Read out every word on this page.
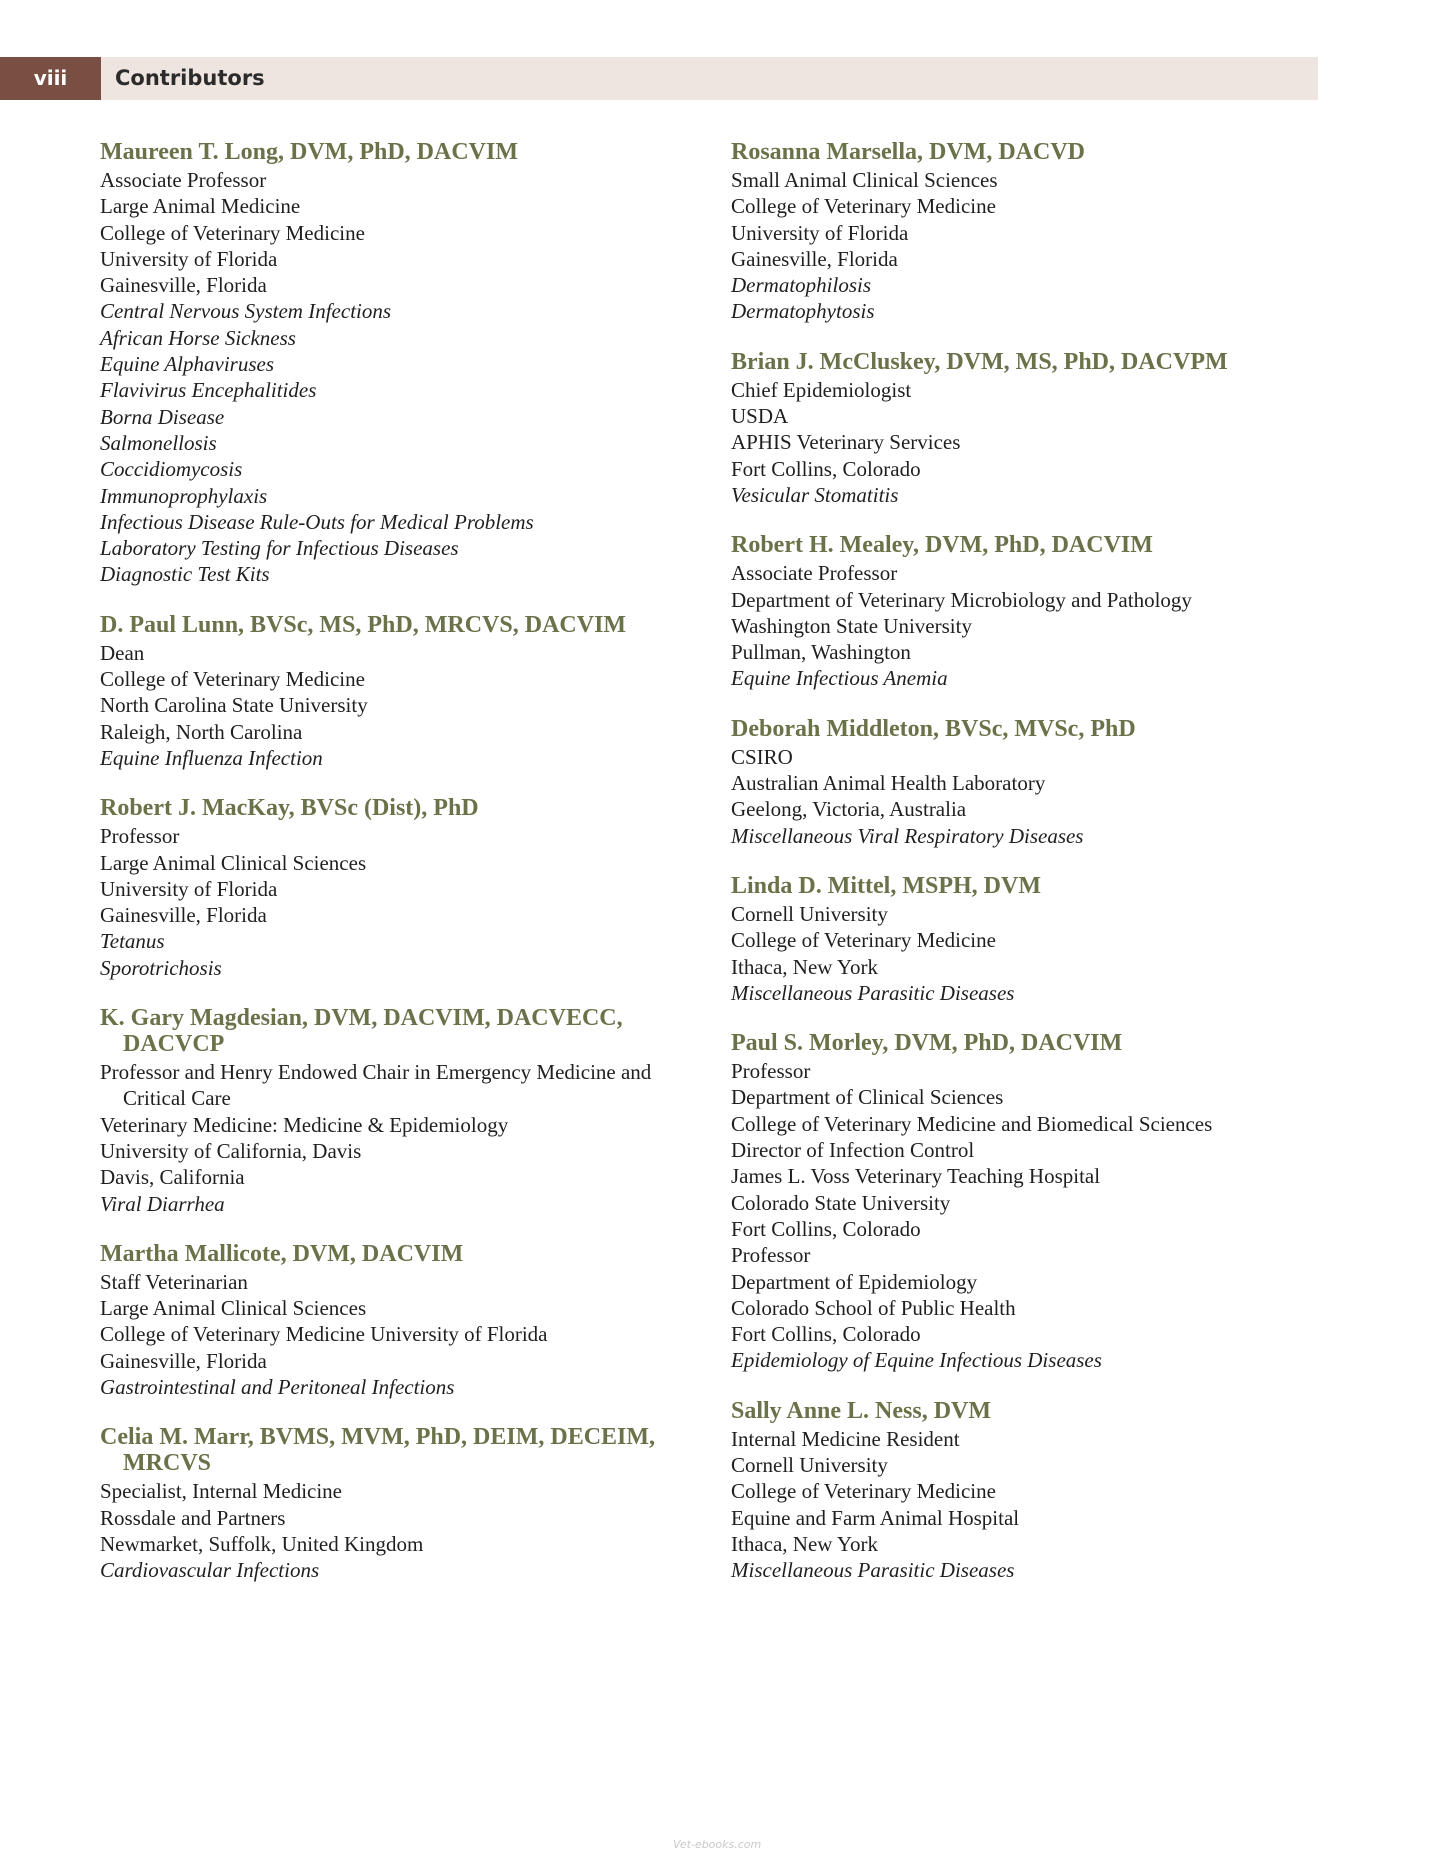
viii	Contributors
Maureen T. Long, DVM, PhD, DACVIM
Associate Professor
Large Animal Medicine
College of Veterinary Medicine
University of Florida
Gainesville, Florida
Central Nervous System Infections
African Horse Sickness
Equine Alphaviruses
Flavivirus Encephalitides
Borna Disease
Salmonellosis
Coccidiomycosis
Immunoprophylaxis
Infectious Disease Rule-Outs for Medical Problems
Laboratory Testing for Infectious Diseases
Diagnostic Test Kits
D. Paul Lunn, BVSc, MS, PhD, MRCVS, DACVIM
Dean
College of Veterinary Medicine
North Carolina State University
Raleigh, North Carolina
Equine Influenza Infection
Robert J. MacKay, BVSc (Dist), PhD
Professor
Large Animal Clinical Sciences
University of Florida
Gainesville, Florida
Tetanus
Sporotrichosis
K. Gary Magdesian, DVM, DACVIM, DACVECC, DACVCP
Professor and Henry Endowed Chair in Emergency Medicine and Critical Care
Veterinary Medicine: Medicine & Epidemiology
University of California, Davis
Davis, California
Viral Diarrhea
Martha Mallicote, DVM, DACVIM
Staff Veterinarian
Large Animal Clinical Sciences
College of Veterinary Medicine University of Florida
Gainesville, Florida
Gastrointestinal and Peritoneal Infections
Celia M. Marr, BVMS, MVM, PhD, DEIM, DECEIM, MRCVS
Specialist, Internal Medicine
Rossdale and Partners
Newmarket, Suffolk, United Kingdom
Cardiovascular Infections
Rosanna Marsella, DVM, DACVD
Small Animal Clinical Sciences
College of Veterinary Medicine
University of Florida
Gainesville, Florida
Dermatophilosis
Dermatophytosis
Brian J. McCluskey, DVM, MS, PhD, DACVPM
Chief Epidemiologist
USDA
APHIS Veterinary Services
Fort Collins, Colorado
Vesicular Stomatitis
Robert H. Mealey, DVM, PhD, DACVIM
Associate Professor
Department of Veterinary Microbiology and Pathology
Washington State University
Pullman, Washington
Equine Infectious Anemia
Deborah Middleton, BVSc, MVSc, PhD
CSIRO
Australian Animal Health Laboratory
Geelong, Victoria, Australia
Miscellaneous Viral Respiratory Diseases
Linda D. Mittel, MSPH, DVM
Cornell University
College of Veterinary Medicine
Ithaca, New York
Miscellaneous Parasitic Diseases
Paul S. Morley, DVM, PhD, DACVIM
Professor
Department of Clinical Sciences
College of Veterinary Medicine and Biomedical Sciences
Director of Infection Control
James L. Voss Veterinary Teaching Hospital
Colorado State University
Fort Collins, Colorado
Professor
Department of Epidemiology
Colorado School of Public Health
Fort Collins, Colorado
Epidemiology of Equine Infectious Diseases
Sally Anne L. Ness, DVM
Internal Medicine Resident
Cornell University
College of Veterinary Medicine
Equine and Farm Animal Hospital
Ithaca, New York
Miscellaneous Parasitic Diseases
Vet-ebooks.com
